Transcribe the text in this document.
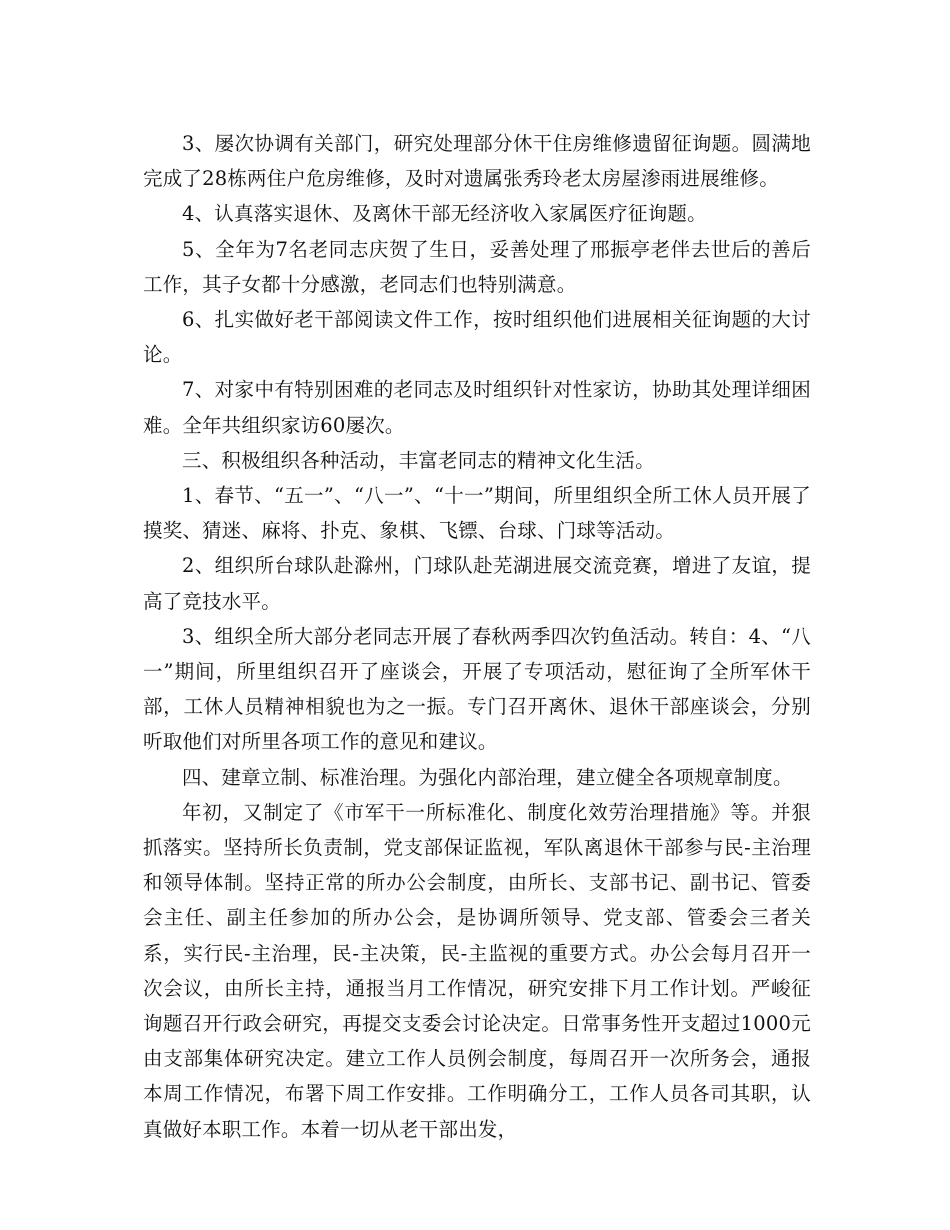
3、屡次协调有关部门，研究处理部分休干住房维修遗留征询题。圆满地完成了28栋两住户危房维修，及时对遗属张秀玲老太房屋渗雨进展维修。

4、认真落实退休、及离休干部无经济收入家属医疗征询题。

5、全年为7名老同志庆贺了生日，妥善处理了邢振亭老伴去世后的善后工作，其子女都十分感激，老同志们也特别满意。

6、扎实做好老干部阅读文件工作，按时组织他们进展相关征询题的大讨论。

7、对家中有特别困难的老同志及时组织针对性家访，协助其处理详细困难。全年共组织家访60屡次。

三、积极组织各种活动，丰富老同志的精神文化生活。

1、春节、“五一”、“八一”、“十一”期间，所里组织全所工休人员开展了摸奖、猜迷、麻将、扑克、象棋、飞镖、台球、门球等活动。

2、组织所台球队赴滁州，门球队赴芜湖进展交流竞赛，增进了友谊，提高了竞技水平。

3、组织全所大部分老同志开展了春秋两季四次钓鱼活动。转自：4、“八一”期间，所里组织召开了座谈会，开展了专项活动，慰征询了全所军休干部，工休人员精神相貌也为之一振。专门召开离休、退休干部座谈会，分别听取他们对所里各项工作的意见和建议。

四、建章立制、标准治理。为强化内部治理，建立健全各项规章制度。

年初，又制定了《市军干一所标准化、制度化效劳治理措施》等。并狠抓落实。坚持所长负责制，党支部保证监视，军队离退休干部参与民-主治理和领导体制。坚持正常的所办公会制度，由所长、支部书记、副书记、管委会主任、副主任参加的所办公会，是协调所领导、党支部、管委会三者关系，实行民-主治理，民-主决策，民-主监视的重要方式。办公会每月召开一次会议，由所长主持，通报当月工作情况，研究安排下月工作计划。严峻征询题召开行政会研究，再提交支委会讨论决定。日常事务性开支超过1000元由支部集体研究决定。建立工作人员例会制度，每周召开一次所务会，通报本周工作情况，布署下周工作安排。工作明确分工，工作人员各司其职，认真做好本职工作。本着一切从老干部出发，
